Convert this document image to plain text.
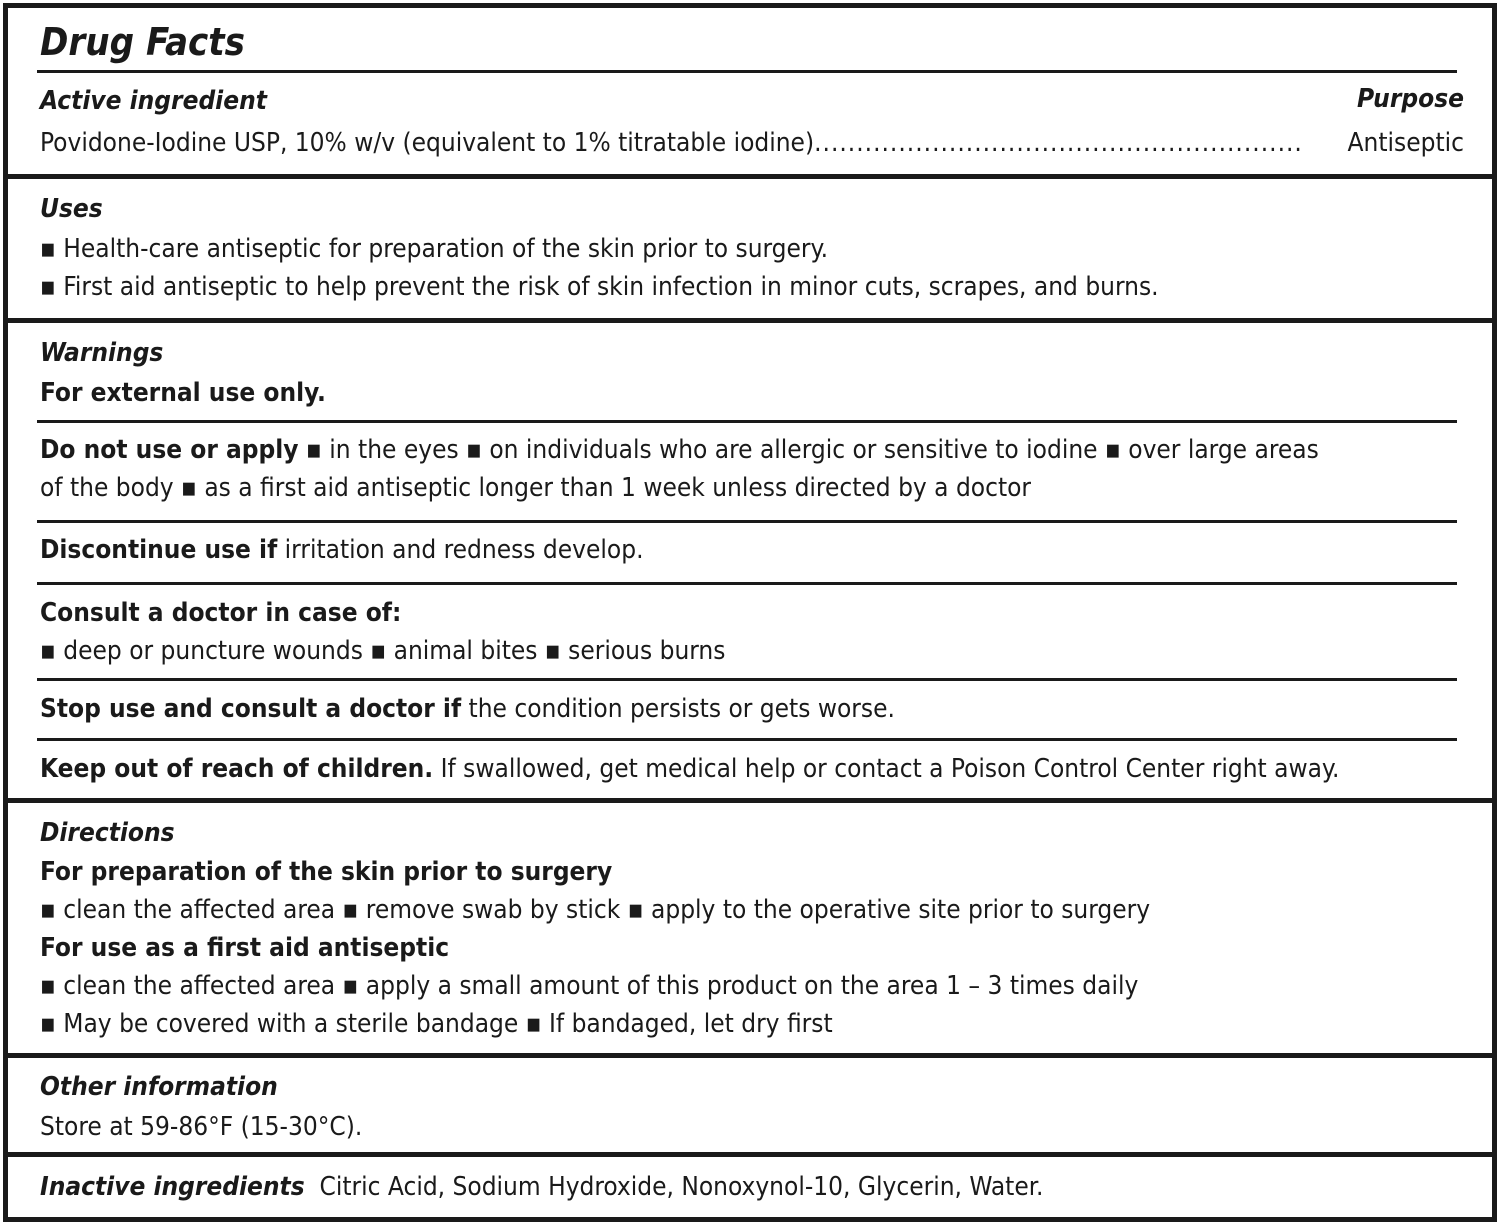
Drug Facts
Active ingredient	Purpose
Povidone-Iodine USP, 10% w/v (equivalent to 1% titratable iodine).......................................................... Antiseptic
Uses
▪ Health-care antiseptic for preparation of the skin prior to surgery.
▪ First aid antiseptic to help prevent the risk of skin infection in minor cuts, scrapes, and burns.
Warnings
For external use only.
Do not use or apply ▪ in the eyes ▪ on individuals who are allergic or sensitive to iodine ▪ over large areas
of the body ▪ as a first aid antiseptic longer than 1 week unless directed by a doctor
Discontinue use if irritation and redness develop.
Consult a doctor in case of:
▪ deep or puncture wounds ▪ animal bites ▪ serious burns
Stop use and consult a doctor if the condition persists or gets worse.
Keep out of reach of children. If swallowed, get medical help or contact a Poison Control Center right away.
Directions
For preparation of the skin prior to surgery
▪ clean the affected area ▪ remove swab by stick ▪ apply to the operative site prior to surgery
For use as a first aid antiseptic
▪ clean the affected area ▪ apply a small amount of this product on the area 1 – 3 times daily
▪ May be covered with a sterile bandage ▪ If bandaged, let dry first
Other information
Store at 59-86°F (15-30°C).
Inactive ingredients  Citric Acid, Sodium Hydroxide, Nonoxynol-10, Glycerin, Water.
